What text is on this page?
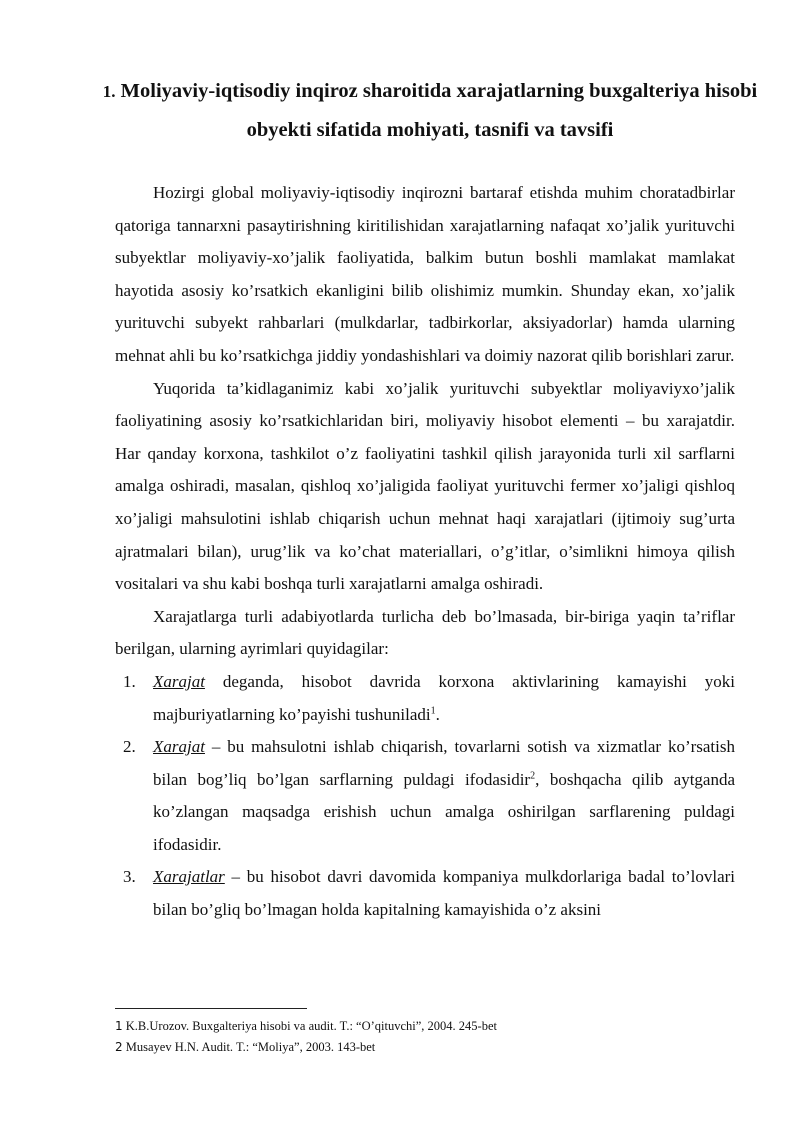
1. Moliyaviy-iqtisodiy inqiroz sharoitida xarajatlarning buxgalteriya hisobi obyekti sifatida mohiyati, tasnifi va tavsifi

Hozirgi global moliyaviy-iqtisodiy inqirozni bartaraf etishda muhim choratadbirlar qatoriga tannarxni pasaytirishning kiritilishidan xarajatlarning nafaqat xo’jalik yurituvchi subyektlar moliyaviy-xo’jalik faoliyatida, balkim butun boshli mamlakat mamlakat hayotida asosiy ko’rsatkich ekanligini bilib olishimiz mumkin. Shunday ekan, xo’jalik yurituvchi subyekt rahbarlari (mulkdarlar, tadbirkorlar, aksiyadorlar) hamda ularning mehnat ahli bu ko’rsatkichga jiddiy yondashishlari va doimiy nazorat qilib borishlari zarur.

Yuqorida ta’kidlaganimiz kabi xo’jalik yurituvchi subyektlar moliyaviyxo’jalik faoliyatining asosiy ko’rsatkichlaridan biri, moliyaviy hisobot elementi – bu xarajatdir. Har qanday korxona, tashkilot o’z faoliyatini tashkil qilish jarayonida turli xil sarflarni amalga oshiradi, masalan, qishloq xo’jaligida faoliyat yurituvchi fermer xo’jaligi qishloq xo’jaligi mahsulotini ishlab chiqarish uchun mehnat haqi xarajatlari (ijtimoiy sug’urta ajratmalari bilan), urug’lik va ko’chat materiallari, o’g’itlar, o’simlikni himoya qilish vositalari va shu kabi boshqa turli xarajatlarni amalga oshiradi.

Xarajatlarga turli adabiyotlarda turlicha deb bo’lmasada, bir-biriga yaqin ta’riflar berilgan, ularning ayrimlari quyidagilar:

1. Xarajat deganda, hisobot davrida korxona aktivlarining kamayishi yoki majburiyatlarning ko’payishi tushuniladi$^1$.
2. Xarajat – bu mahsulotni ishlab chiqarish, tovarlarni sotish va xizmatlar ko’rsatish bilan bog’liq bo’lgan sarflarning puldagi ifodasidir$^2$, boshqacha qilib aytganda ko’zlangan maqsadga erishish uchun amalga oshirilgan sarflarening puldagi ifodasidir.
3. Xarajatlar – bu hisobot davri davomida kompaniya mulkdorlariga badal to’lovlari bilan bo’gliq bo’lmagan holda kapitalning kamayishida o’z aksini
1 K.B.Urozov. Buxgalteriya hisobi va audit. T.: “O’qituvchi”, 2004. 245-bet
2 Musayev H.N. Audit. T.: “Moliya”, 2003. 143-bet
